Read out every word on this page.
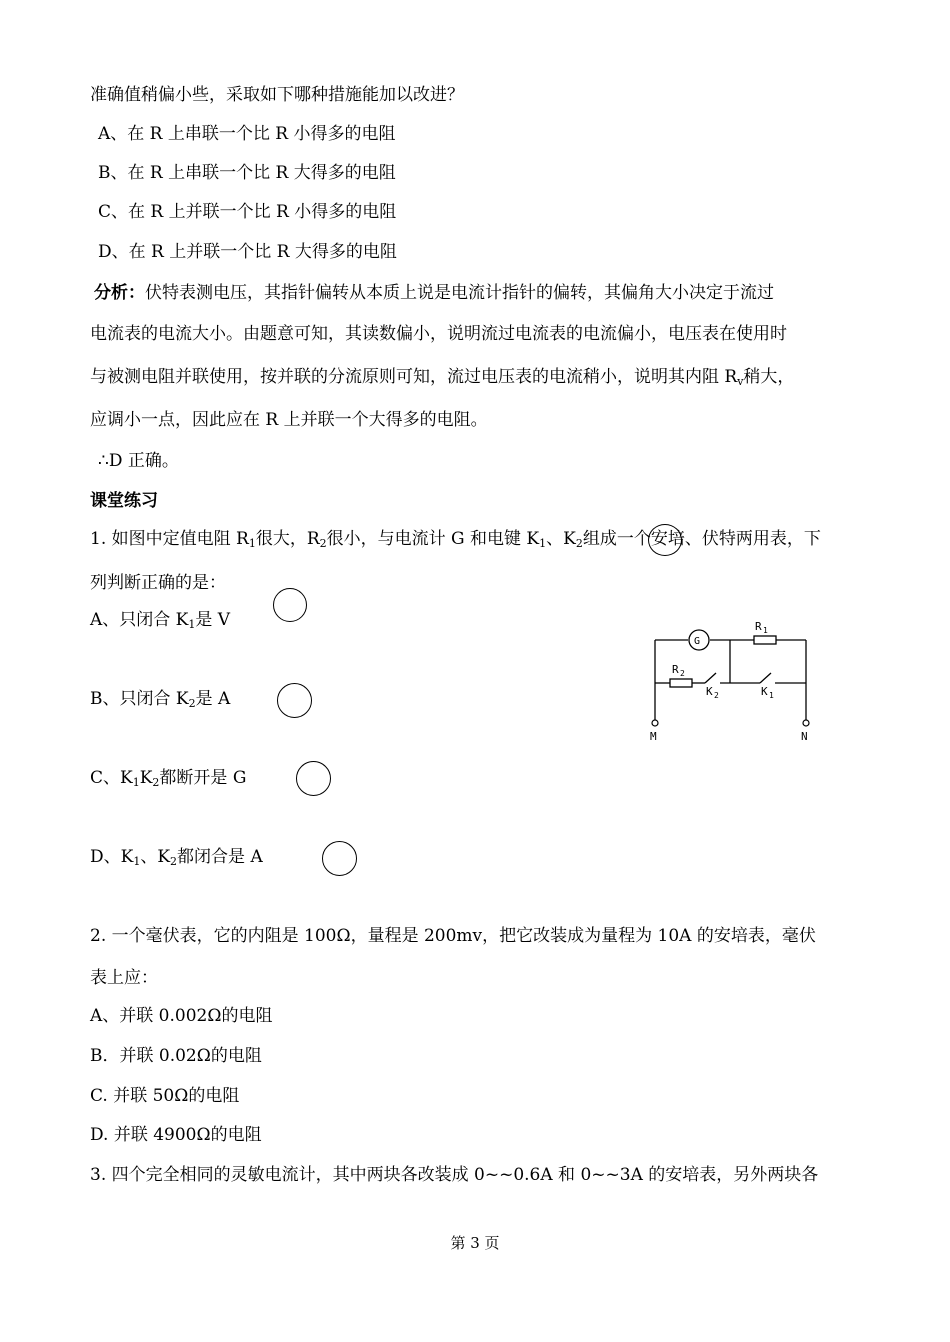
准确值稍偏小些，采取如下哪种措施能加以改进？
A、在 R 上串联一个比 R 小得多的电阻
B、在 R 上串联一个比 R 大得多的电阻
C、在 R 上并联一个比 R 小得多的电阻
D、在 R 上并联一个比 R 大得多的电阻
分析：伏特表测电压，其指针偏转从本质上说是电流计指针的偏转，其偏角大小决定于流过
电流表的电流大小。由题意可知，其读数偏小，说明流过电流表的电流偏小，电压表在使用时
与被测电阻并联使用，按并联的分流原则可知，流过电压表的电流稍小，说明其内阻 $R_v$稍大，
应调小一点，因此应在 R 上并联一个大得多的电阻。
∴D 正确。
课堂练习
1. 如图中定值电阻 $R_1$很大，$R_2$很小，与电流计 G 和电键 $K_1$、$K_2$组成一个安培、伏特两用表，下
列判断正确的是：
A、只闭合 $K_1$是 V
B、只闭合 $K_2$是 A
C、$K_1K_2$都断开是 G
D、$K_1$、$K_2$都闭合是 A
G
R 1
R 2
K 2	K 1
M	N
2. 一个毫伏表，它的内阻是 100Ω，量程是 200mv，把它改装成为量程为 10A 的安培表，毫伏
表上应：
A、并联 0.002Ω的电阻
B．并联 0.02Ω的电阻
C. 并联 50Ω的电阻
D. 并联 4900Ω的电阻
3. 四个完全相同的灵敏电流计，其中两块各改装成 0~~0.6A 和 0~~3A 的安培表，另外两块各
第 3 页
